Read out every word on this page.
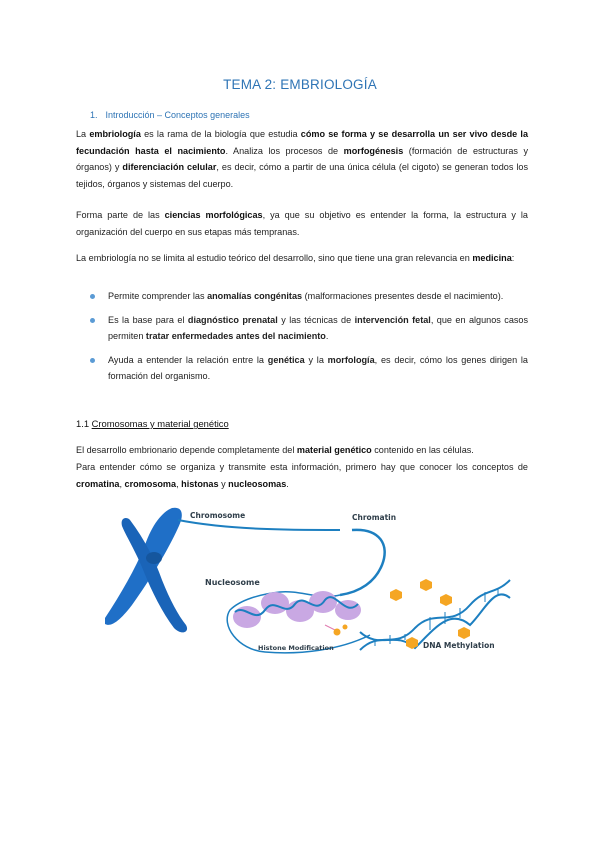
TEMA 2: EMBRIOLOGÍA
1. Introducción – Conceptos generales

La embriología es la rama de la biología que estudia cómo se forma y se desarrolla un ser vivo desde la fecundación hasta el nacimiento. Analiza los procesos de morfogénesis (formación de estructuras y órganos) y diferenciación celular, es decir, cómo a partir de una única célula (el cigoto) se generan todos los tejidos, órganos y sistemas del cuerpo.

Forma parte de las ciencias morfológicas, ya que su objetivo es entender la forma, la estructura y la organización del cuerpo en sus etapas más tempranas.

La embriología no se limita al estudio teórico del desarrollo, sino que tiene una gran relevancia en medicina:

Permite comprender las anomalías congénitas (malformaciones presentes desde el nacimiento).
Es la base para el diagnóstico prenatal y las técnicas de intervención fetal, que en algunos casos permiten tratar enfermedades antes del nacimiento.
Ayuda a entender la relación entre la genética y la morfología, es decir, cómo los genes dirigen la formación del organismo.
1.1 Cromosomas y material genético

El desarrollo embrionario depende completamente del material genético contenido en las células.

Para entender cómo se organiza y transmite esta información, primero hay que conocer los conceptos de cromatina, cromosoma, histonas y nucleosomas.

Chromosome	Chromatin
Nucleosome
Histone Modification	DNA Methylation
